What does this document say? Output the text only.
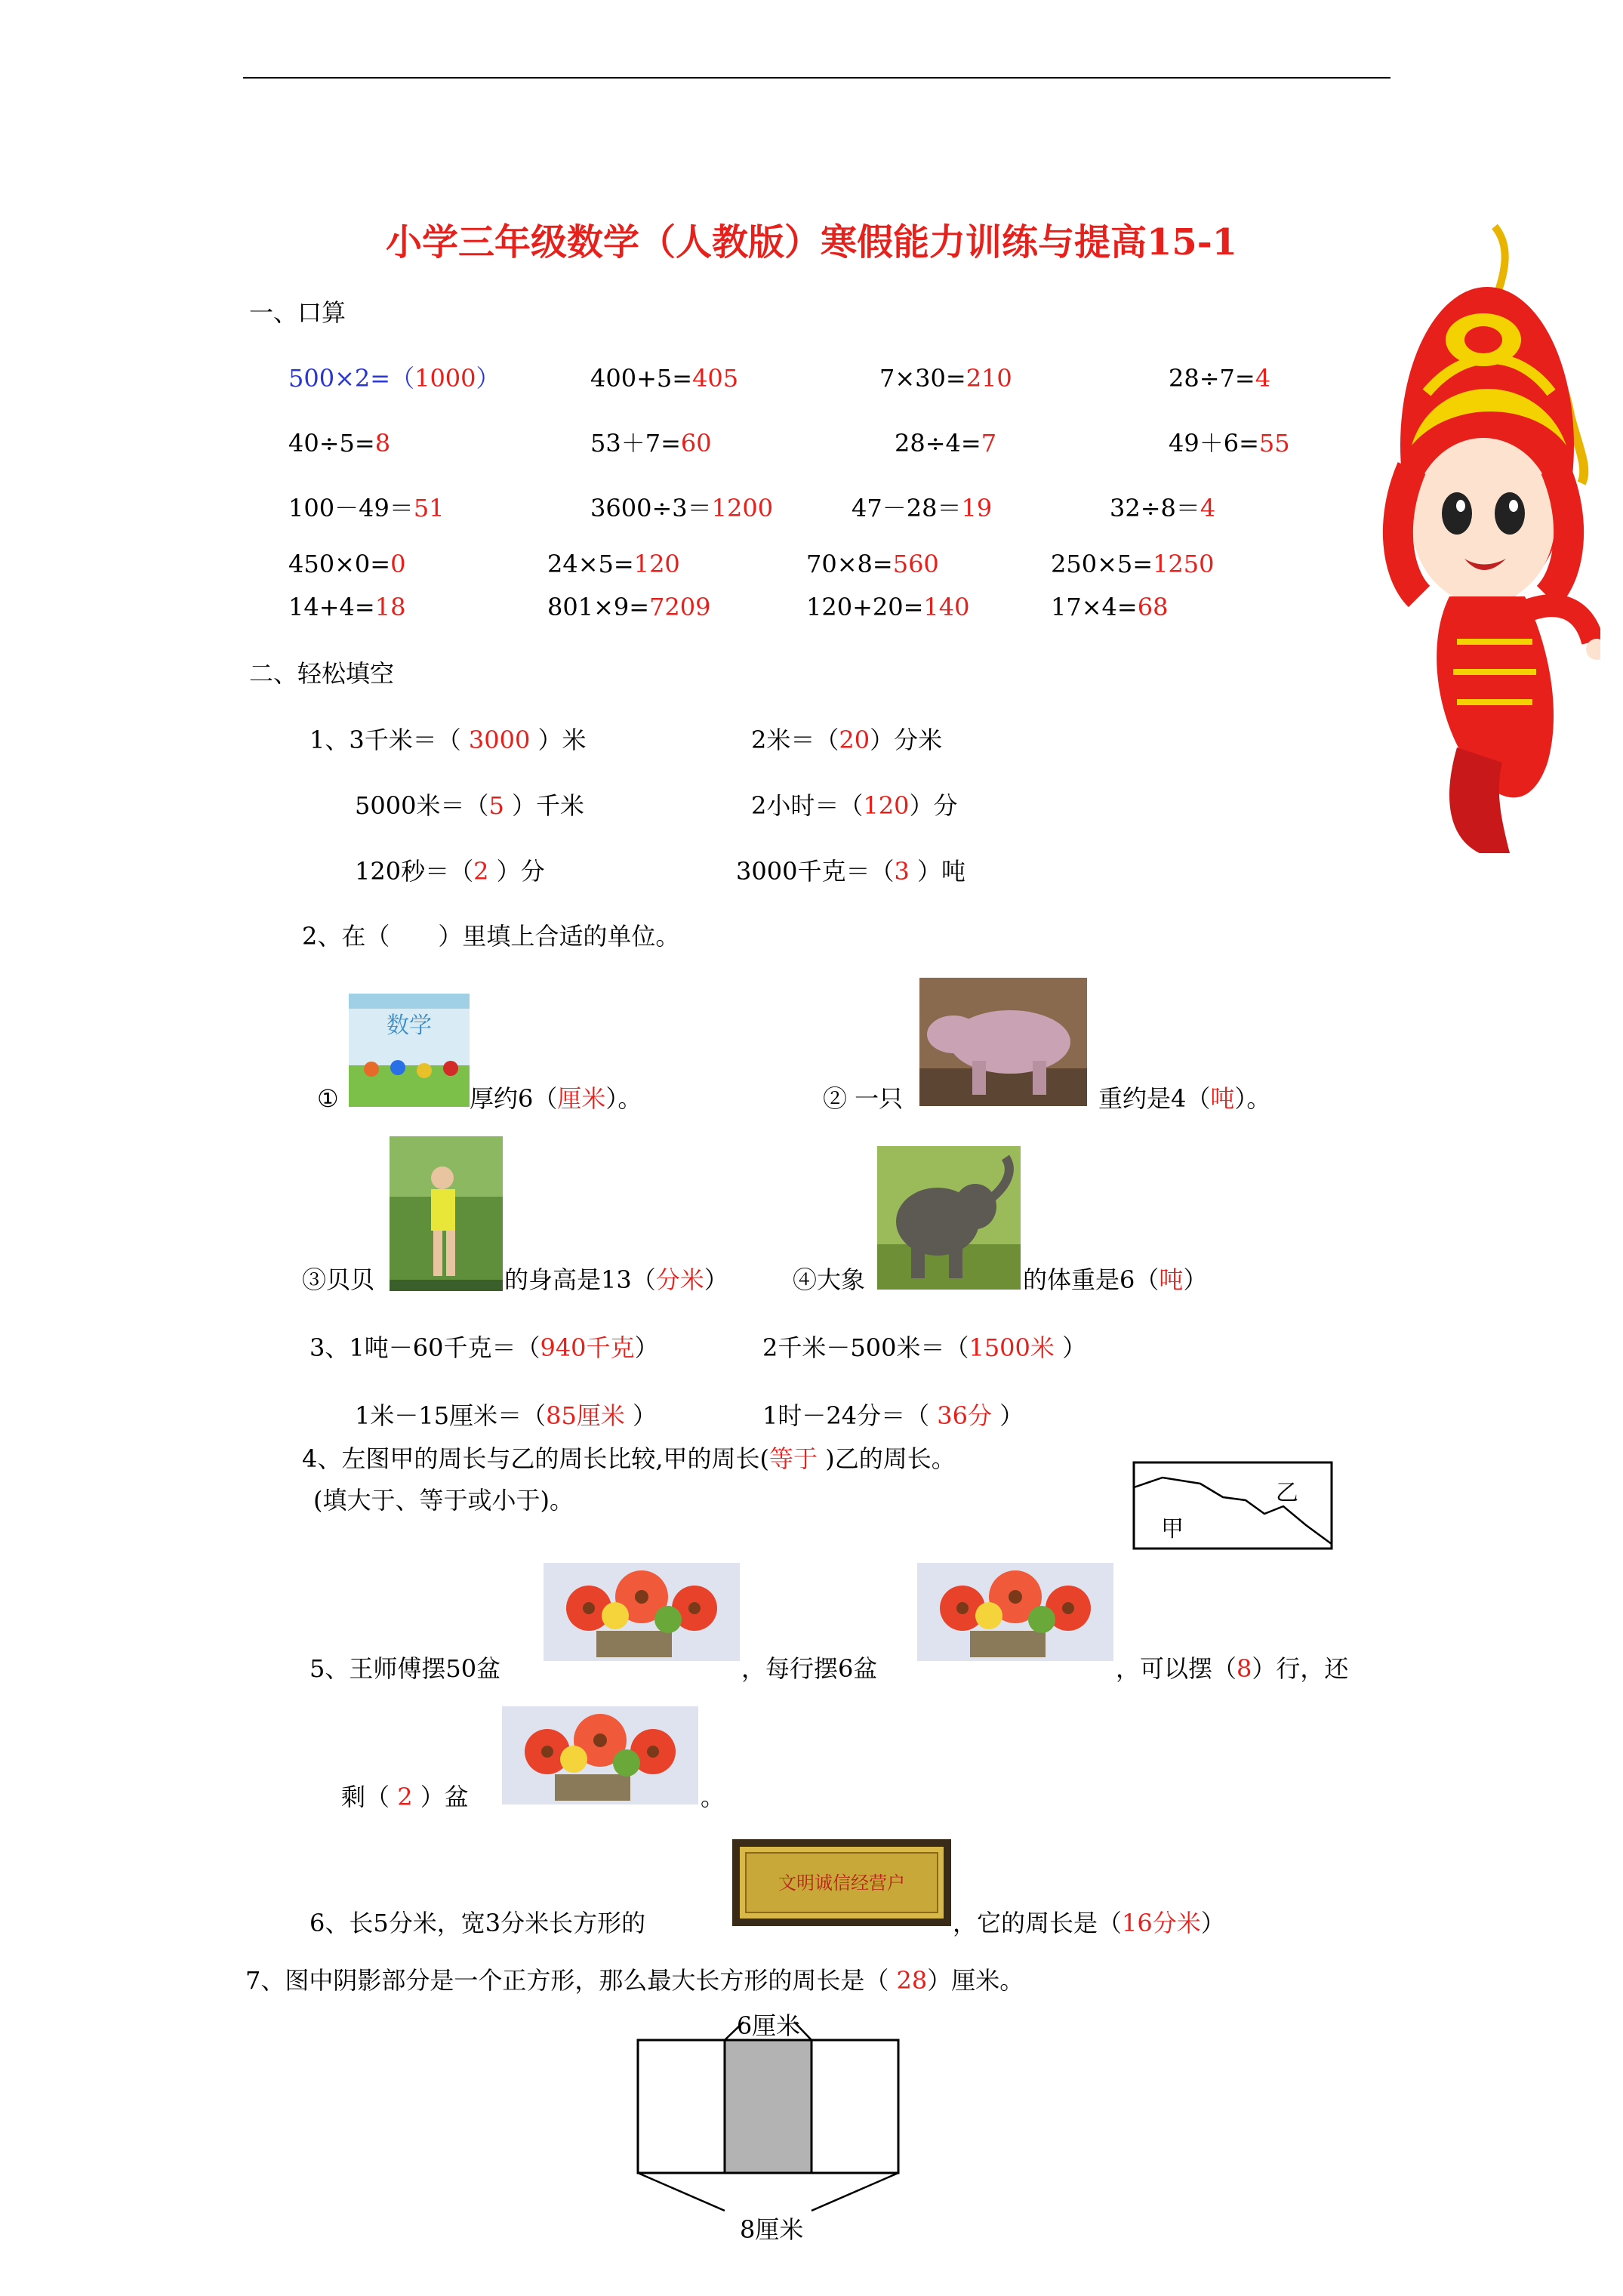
小学三年级数学（人教版）寒假能力训练与提高15-1
一、口算
500×2=（1000）	400+5=405	7×30=210	28÷7=4
40÷5=8	53＋7=60	28÷4=7	49＋6=55
100－49＝51	3600÷3＝1200	47－28＝19	32÷8＝4
450×0=0	24×5=120	70×8=560	250×5=1250
14+4=18	801×9=7209	120+20=140	17×4=68
二、轻松填空
1、3千米＝（ 3000 ）米	2米＝（20）分米
5000米＝（5 ）千米	2小时＝（120）分
120秒＝（2 ）分	3000千克＝（3 ）吨
2、在（　　）里填上合适的单位。
数学
①	厚约6（厘米）。	② 一只	重约是4（吨）。
③贝贝	的身高是13（分米）	④大象	的体重是6（吨）
3、1吨－60千克＝（940千克）	2千米－500米＝（1500米 ）
1米－15厘米＝（85厘米 ）	1时－24分＝（ 36分 ）
4、左图甲的周长与乙的周长比较,甲的周长(等于 )乙的周长。
(填大于、等于或小于)。	乙
甲
5、王师傅摆50盆	，每行摆6盆	，可以摆（8）行，还
剩（ 2 ）盆	。
文明诚信经营户
6、长5分米，宽3分米长方形的	，它的周长是（16分米）
7、图中阴影部分是一个正方形，那么最大长方形的周长是（ 28）厘米。
6厘米
8厘米
